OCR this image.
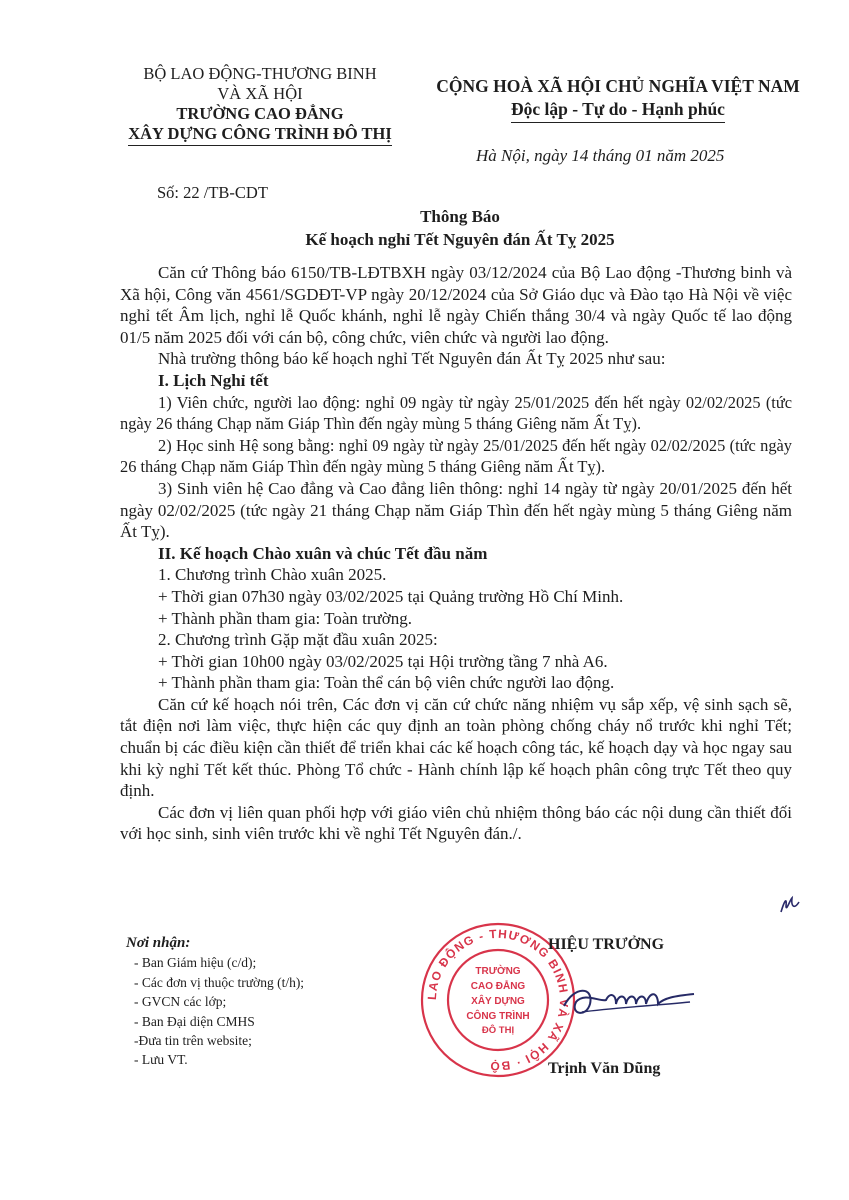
BỘ LAO ĐỘNG-THƯƠNG BINH
VÀ XÃ HỘI
TRƯỜNG CAO ĐẲNG
XÂY DỰNG CÔNG TRÌNH ĐÔ THỊ
CỘNG HOÀ XÃ HỘI CHỦ NGHĨA VIỆT NAM
Độc lập - Tự do - Hạnh phúc
Hà Nội, ngày 14 tháng 01 năm 2025
Số: 22 /TB-CDT
Thông Báo
Kế hoạch nghỉ Tết Nguyên đán Ất Tỵ 2025

Căn cứ Thông báo 6150/TB-LĐTBXH ngày 03/12/2024 của Bộ Lao động -Thương binh và Xã hội, Công văn 4561/SGDĐT-VP ngày 20/12/2024 của Sở Giáo dục và Đào tạo Hà Nội về việc nghỉ tết Âm lịch, nghỉ lễ Quốc khánh, nghỉ lễ ngày Chiến thắng 30/4 và ngày Quốc tế lao động 01/5 năm 2025 đối với cán bộ, công chức, viên chức và người lao động.

Nhà trường thông báo kế hoạch nghỉ Tết Nguyên đán Ất Tỵ 2025 như sau:

I. Lịch Nghỉ tết

1) Viên chức, người lao động: nghỉ 09 ngày từ ngày 25/01/2025 đến hết ngày 02/02/2025 (tức ngày 26 tháng Chạp năm Giáp Thìn đến ngày mùng 5 tháng Giêng năm Ất Tỵ).

2) Học sinh Hệ song bằng: nghỉ 09 ngày từ ngày 25/01/2025 đến hết ngày 02/02/2025 (tức ngày 26 tháng Chạp năm Giáp Thìn đến ngày mùng 5 tháng Giêng năm Ất Tỵ).

3) Sinh viên hệ Cao đẳng và Cao đẳng liên thông: nghỉ 14 ngày từ ngày 20/01/2025 đến hết ngày 02/02/2025 (tức ngày 21 tháng Chạp năm Giáp Thìn đến hết ngày mùng 5 tháng Giêng năm Ất Tỵ).

II. Kế hoạch Chào xuân và chúc Tết đầu năm

1. Chương trình Chào xuân 2025.

+ Thời gian 07h30 ngày 03/02/2025 tại Quảng trường Hồ Chí Minh.

+ Thành phần tham gia: Toàn trường.

2. Chương trình Gặp mặt đầu xuân 2025:

+ Thời gian 10h00 ngày 03/02/2025 tại Hội trường tầng 7 nhà A6.

+ Thành phần tham gia: Toàn thể cán bộ viên chức người lao động.

Căn cứ kế hoạch nói trên, Các đơn vị căn cứ chức năng nhiệm vụ sắp xếp, vệ sinh sạch sẽ, tắt điện nơi làm việc, thực hiện các quy định an toàn phòng chống cháy nổ trước khi nghỉ Tết; chuẩn bị các điều kiện cần thiết để triển khai các kế hoạch công tác, kế hoạch dạy và học ngay sau khi kỳ nghỉ Tết kết thúc. Phòng Tổ chức - Hành chính lập kế hoạch phân công trực Tết theo quy định.

Các đơn vị liên quan phối hợp với giáo viên chủ nhiệm thông báo các nội dung cần thiết đối với học sinh, sinh viên trước khi về nghỉ Tết Nguyên đán./.

Nơi nhận:
- Ban Giám hiệu (c/d);
- Các đơn vị thuộc trường (t/h);
- GVCN các lớp;
- Ban Đại diện CMHS
-Đưa tin trên website;
- Lưu VT.
LAO ĐỘNG - THƯƠNG BINH VÀ XÃ HỘI · BỘ
TRƯỜNG
CAO ĐẲNG
XÂY DỰNG
CÔNG TRÌNH
ĐÔ THỊ
HIỆU TRƯỞNG
Trịnh Văn Dũng
